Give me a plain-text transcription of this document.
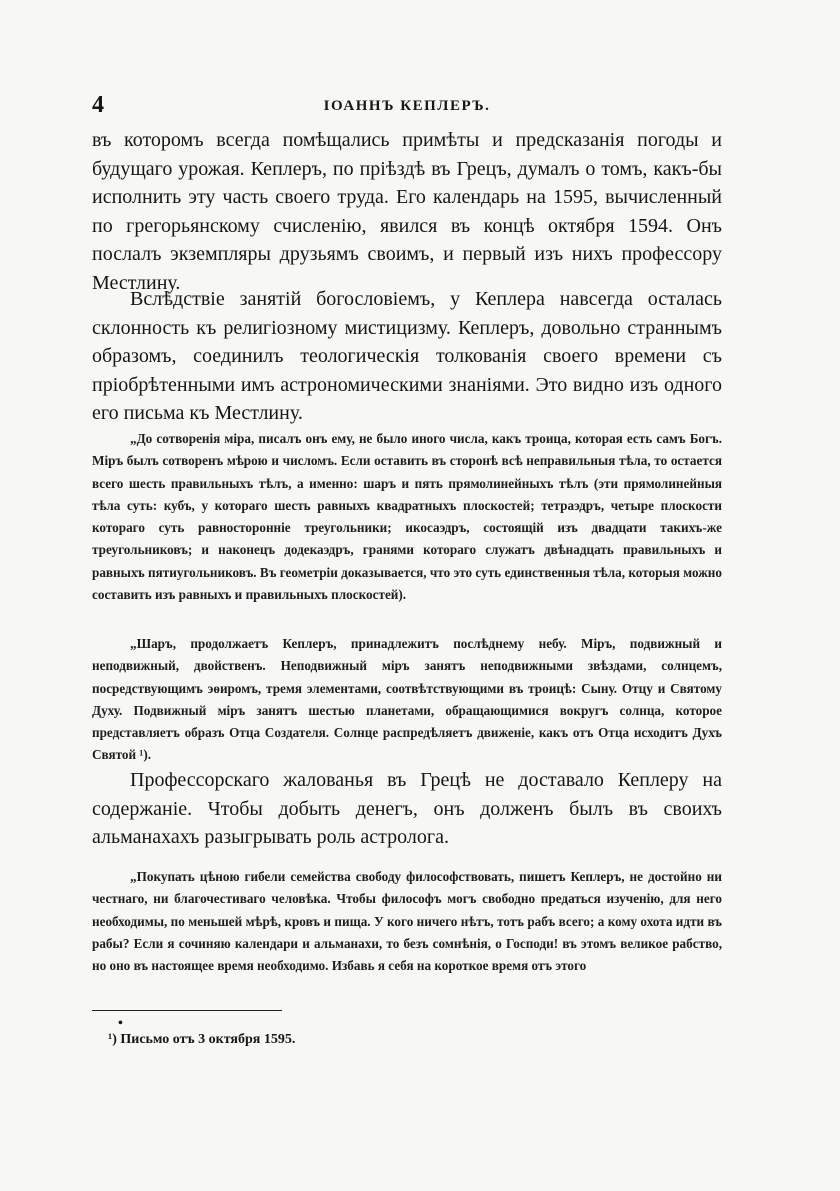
4	IОАННЪ КЕПЛЕРЪ.

въ которомъ всегда помѣщались примѣты и предсказанія погоды и будущаго урожая. Кеплеръ, по пріѣздѣ въ Грецъ, думалъ о томъ, какъ-бы исполнить эту часть своего труда. Его календарь на 1595, вычисленный по грегорьянскому счисленію, явился въ концѣ октября 1594. Онъ послалъ экземпляры друзьямъ своимъ, и первый изъ нихъ профессору Местлину.

Вслѣдствіе занятій богословіемъ, у Кеплера навсегда осталась склонность къ религіозному мистицизму. Кеплеръ, довольно страннымъ образомъ, соединилъ теологическія толкованія своего времени съ пріобрѣтенными имъ астрономическими знаніями. Это видно изъ одного его письма къ Местлину.

„До сотворенія міра, писалъ онъ ему, не было иного числа, какъ троица, которая есть самъ Богъ. Міръ былъ сотворенъ мѣрою и числомъ. Если оставить въ сторонѣ всѣ неправильныя тѣла, то остается всего шесть правильныхъ тѣлъ, а именно: шаръ и пять прямолинейныхъ тѣлъ (эти прямолинейныя тѣла суть: кубъ, у котораго шесть равныхъ квадратныхъ плоскостей; тетраэдръ, четыре плоскости котораго суть равносторонніе треугольники; икосаэдръ, состоящій изъ двадцати такихъ-же треугольниковъ; и наконецъ додекаэдръ, гранями котораго служатъ двѣнадцать правильныхъ и равныхъ пятиугольниковъ. Въ геометріи доказывается, что это суть единственныя тѣла, которыя можно составить изъ равныхъ и правильныхъ плоскостей).

„Шаръ, продолжаетъ Кеплеръ, принадлежитъ послѣднему небу. Міръ, подвижный и неподвижный, двойственъ. Неподвижный міръ занятъ неподвижными звѣздами, солнцемъ, посредствующимъ эѳиромъ, тремя элементами, соотвѣтствующими въ троицѣ: Сыну. Отцу и Святому Духу. Подвижный міръ занятъ шестью планетами, обращающимися вокругъ солнца, которое представляетъ образъ Отца Создателя. Солнце распредѣляетъ движеніе, какъ отъ Отца исходитъ Духъ Святой ¹).

Профессорскаго жалованья въ Грецѣ не доставало Кеплеру на содержаніе. Чтобы добыть денегъ, онъ долженъ былъ въ своихъ альманахахъ разыгрывать роль астролога.

„Покупать цѣною гибели семейства свободу философствовать, пишетъ Кеплеръ, не достойно ни честнаго, ни благочестиваго человѣка. Чтобы философъ могъ свободно предаться изученію, для него необходимы, по меньшей мѣрѣ, кровъ и пища. У кого ничего нѣтъ, тотъ рабъ всего; а кому охота идти въ рабы? Если я сочиняю календари и альманахи, то безъ сомнѣнія, о Господи! въ этомъ великое рабство, но оно въ настоящее время необходимо. Избавь я себя на короткое время отъ этого

•

¹) Письмо отъ 3 октября 1595.
